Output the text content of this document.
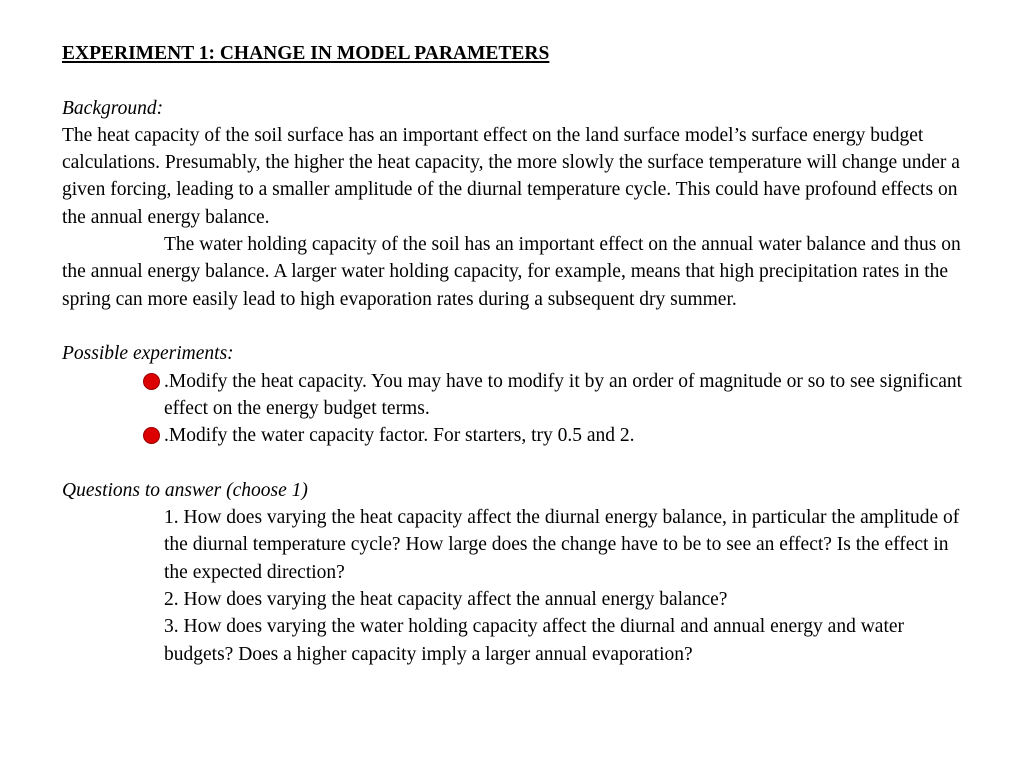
EXPERIMENT 1: CHANGE IN MODEL PARAMETERS
Background:

The heat capacity of the soil surface has an important effect on the land surface model’s surface energy budget calculations. Presumably, the higher the heat capacity, the more slowly the surface temperature will change under a given forcing, leading to a smaller amplitude of the diurnal temperature cycle. This could have profound effects on the annual energy balance.

The water holding capacity of the soil has an important effect on the annual water balance and thus on the annual energy balance. A larger water holding capacity, for example, means that high precipitation rates in the spring can more easily lead to high evaporation rates during a subsequent dry summer.

Possible experiments:
.Modify the heat capacity. You may have to modify it by an order of magnitude or so to see significant effect on the energy budget terms.
.Modify the water capacity factor. For starters, try 0.5 and 2.
Questions to answer (choose 1)
1. How does varying the heat capacity affect the diurnal energy balance, in particular the amplitude of the diurnal temperature cycle? How large does the change have to be to see an effect? Is the effect in the expected direction?
2. How does varying the heat capacity affect the annual energy balance?
3. How does varying the water holding capacity affect the diurnal and annual energy and water budgets? Does a higher capacity imply a larger annual evaporation?
